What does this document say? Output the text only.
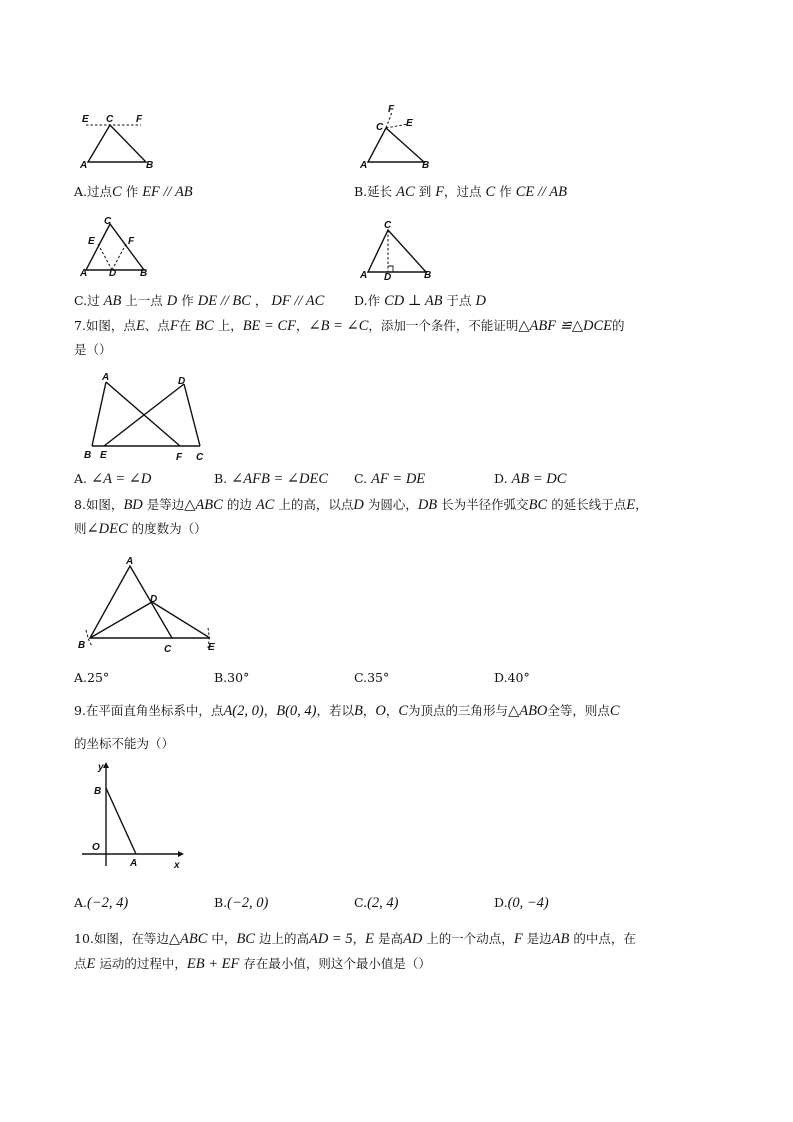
E C F
A	B
F
C E
A	B
A.过点C 作 EF // AB	B.延长 AC 到 F，过点 C 作 CE // AB
C
E	F
A D B
C
A D	B
C.过 AB 上一点 D 作 DE // BC ， DF // AC D.作 CD ⊥ AB 于点 D
7.如图，点E、点F在 BC 上，BE = CF，∠B = ∠C，添加一个条件，不能证明△ABF ≌△DCE的
是（）
A	D
B E	F C
A. ∠A = ∠D	B. ∠AFB = ∠DEC C. AF = DE	D. AB = DC
8.如图，BD 是等边△ABC 的边 AC 上的高，以点D 为圆心，DB 长为半径作弧交BC 的延长线于点E，
则∠DEC 的度数为（）
A
D
B	C	E
A.25°	B.30°	C.35°	D.40°
9.在平面直角坐标系中，点A(2, 0)，B(0, 4)，若以B，O，C为顶点的三角形与△ABO全等，则点C
的坐标不能为（）
y
B
O
A	x
A.(−2, 4)	B.(−2, 0)	C.(2, 4)	D.(0, −4)
10.如图，在等边△ABC 中，BC 边上的高AD = 5，E 是高AD 上的一个动点，F 是边AB 的中点，在
点E 运动的过程中，EB + EF 存在最小值，则这个最小值是（）
